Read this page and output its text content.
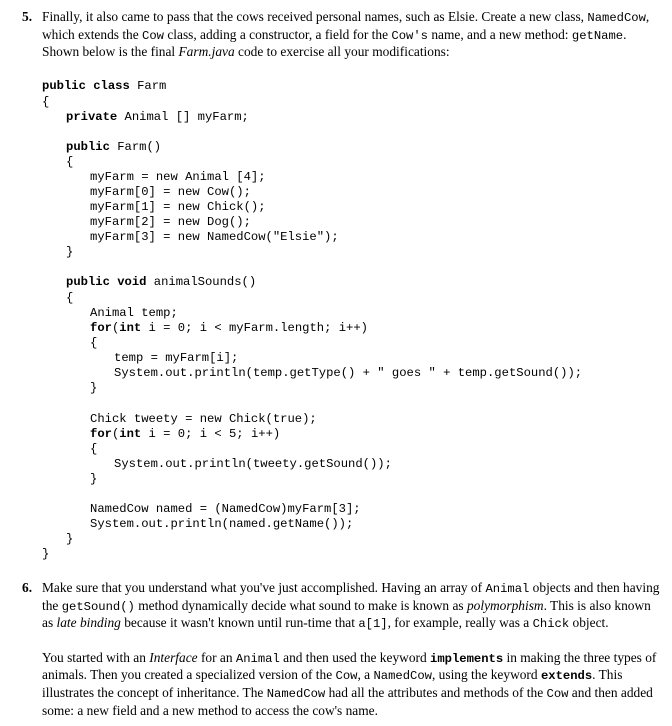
5. Finally, it also came to pass that the cows received personal names, such as Elsie. Create a new class, NamedCow, which extends the Cow class, adding a constructor, a field for the Cow's name, and a new method: getName. Shown below is the final Farm.java code to exercise all your modifications:

public class Farm
{
private Animal [] myFarm;
public Farm()
{
myFarm = new Animal [4];
myFarm[0] = new Cow();
myFarm[1] = new Chick();
myFarm[2] = new Dog();
myFarm[3] = new NamedCow("Elsie");
}
public void animalSounds()
{
Animal temp;
for(int i = 0; i < myFarm.length; i++)
{
temp = myFarm[i];
System.out.println(temp.getType() + " goes " + temp.getSound());
}
Chick tweety = new Chick(true);
for(int i = 0; i < 5; i++)
{
System.out.println(tweety.getSound());
}
NamedCow named = (NamedCow)myFarm[3];
System.out.println(named.getName());
}
}
6. Make sure that you understand what you've just accomplished. Having an array of Animal objects and then having the getSound() method dynamically decide what sound to make is known as polymorphism. This is also known as late binding because it wasn't known until run-time that a[1], for example, really was a Chick object.

You started with an Interface for an Animal and then used the keyword implements in making the three types of animals. Then you created a specialized version of the Cow, a NamedCow, using the keyword extends. This illustrates the concept of inheritance. The NamedCow had all the attributes and methods of the Cow and then added some: a new field and a new method to access the cow's name.
